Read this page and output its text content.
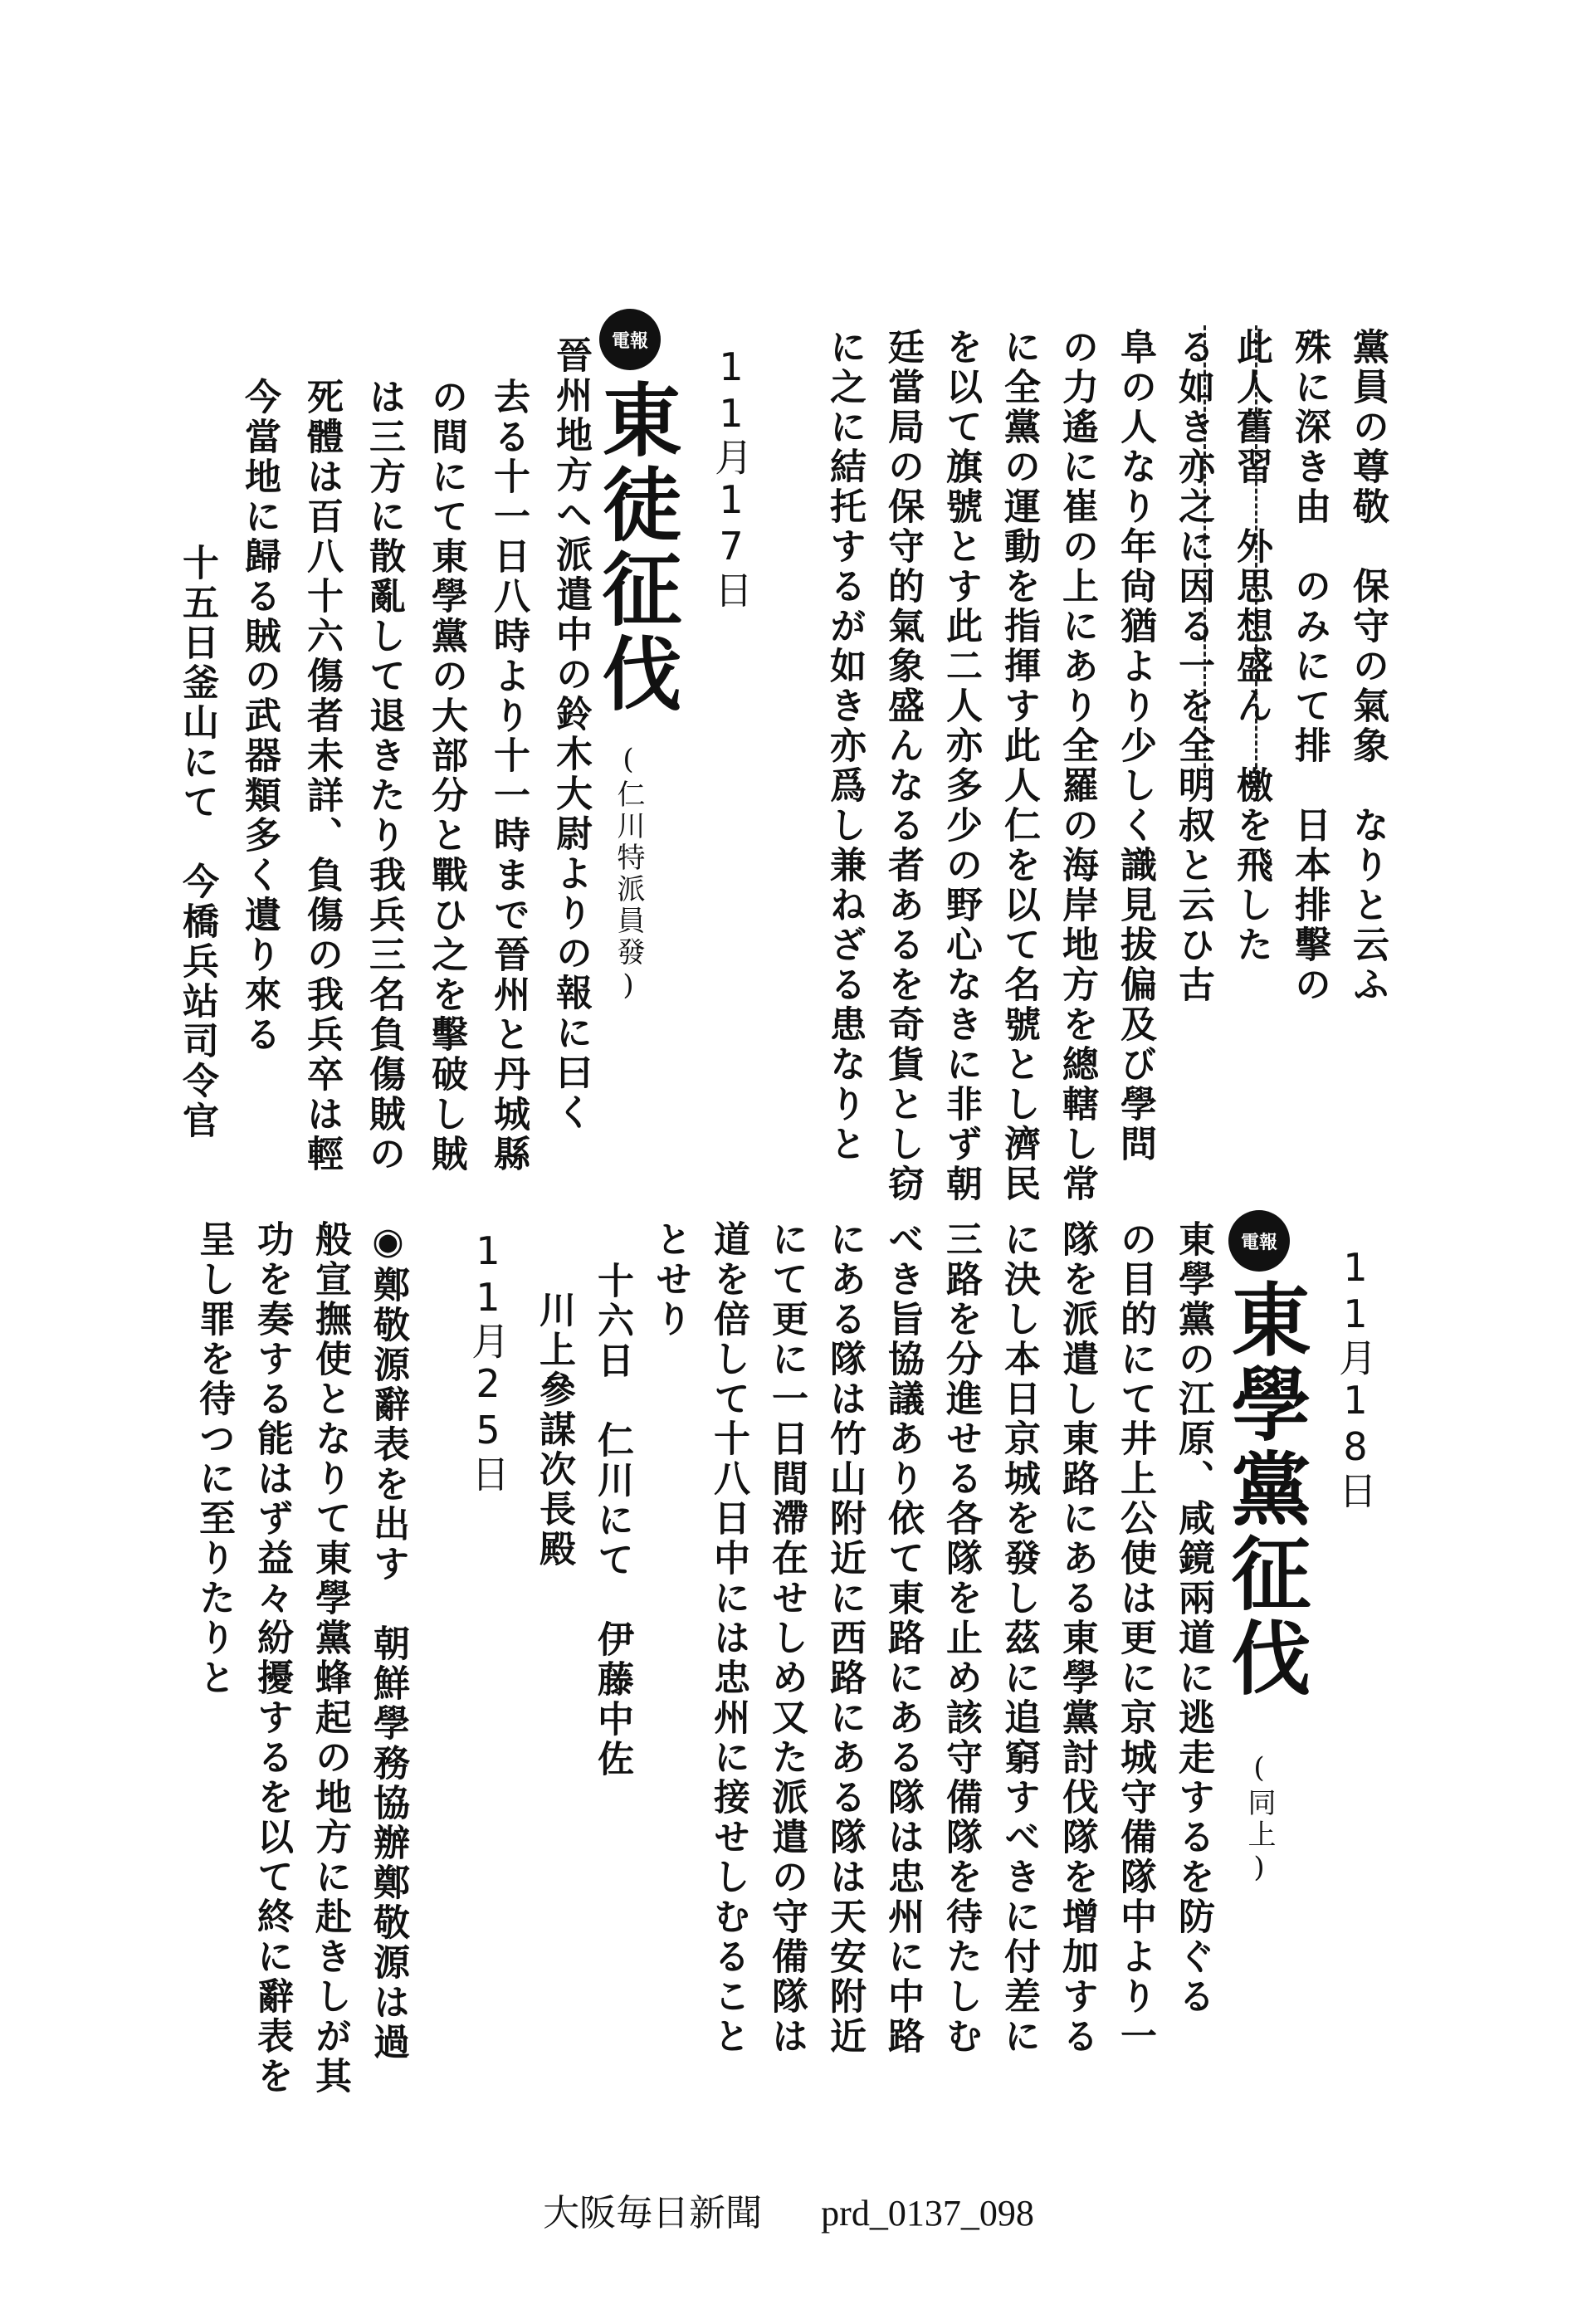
11月17日
電報
東徒征伐
(仁川特派員發)
晉州地方へ派遣中の鈴木大尉よりの報に曰く
去る十一日八時より十一時まで晉州と丹城縣
の間にて東學黨の大部分と戰ひ之を擊破し賊
は三方に散亂して退きたり我兵三名負傷賊の
死體は百八十六傷者未詳、負傷の我兵卒は輕
今當地に歸る賊の武器類多く遺り來る
十五日釜山にて　今橋兵站司令官	黨員の尊敬　保守の氣象　なりと云ふ
殊に深き由　のみにて排　日本排擊の
此人舊習　外思想盛ん　檄を飛した
る如き亦之に因る一を全明叔と云ひ古
阜の人なり年尙猶より少しく識見拔偏及び學問
の力遙に崔の上にあり全羅の海岸地方を總轄し常
に全黨の運動を指揮す此人仁を以て名號とし濟民
を以て旗號とす此二人亦多少の野心なきに非ず朝
廷當局の保守的氣象盛んなる者あるを奇貨とし窃
に之に結托するが如き亦爲し兼ねざる患なりと
11月18日
電報
東學黨征伐
(同上)
東學黨の江原、咸鏡兩道に逃走するを防ぐる
の目的にて井上公使は更に京城守備隊中より一
隊を派遣し東路にある東學黨討伐隊を增加する
に決し本日京城を發し茲に追窮すべきに付差に
三路を分進せる各隊を止め該守備隊を待たしむ
べき旨協議あり依て東路にある隊は忠州に中路
にある隊は竹山附近に西路にある隊は天安附近
にて更に一日間滯在せしめ又た派遣の守備隊は
道を倍して十八日中には忠州に接せしむること
とせり
十六日　仁川にて　伊藤中佐
川上參謀次長殿
11月25日
◉鄭敬源辭表を出す　朝鮮學務協辦鄭敬源は過
般宣撫使となりて東學黨蜂起の地方に赴きしが其
功を奏する能はず益々紛擾するを以て終に辭表を
呈し罪を待つに至りたりと
大阪毎日新聞 prd_0137_098
